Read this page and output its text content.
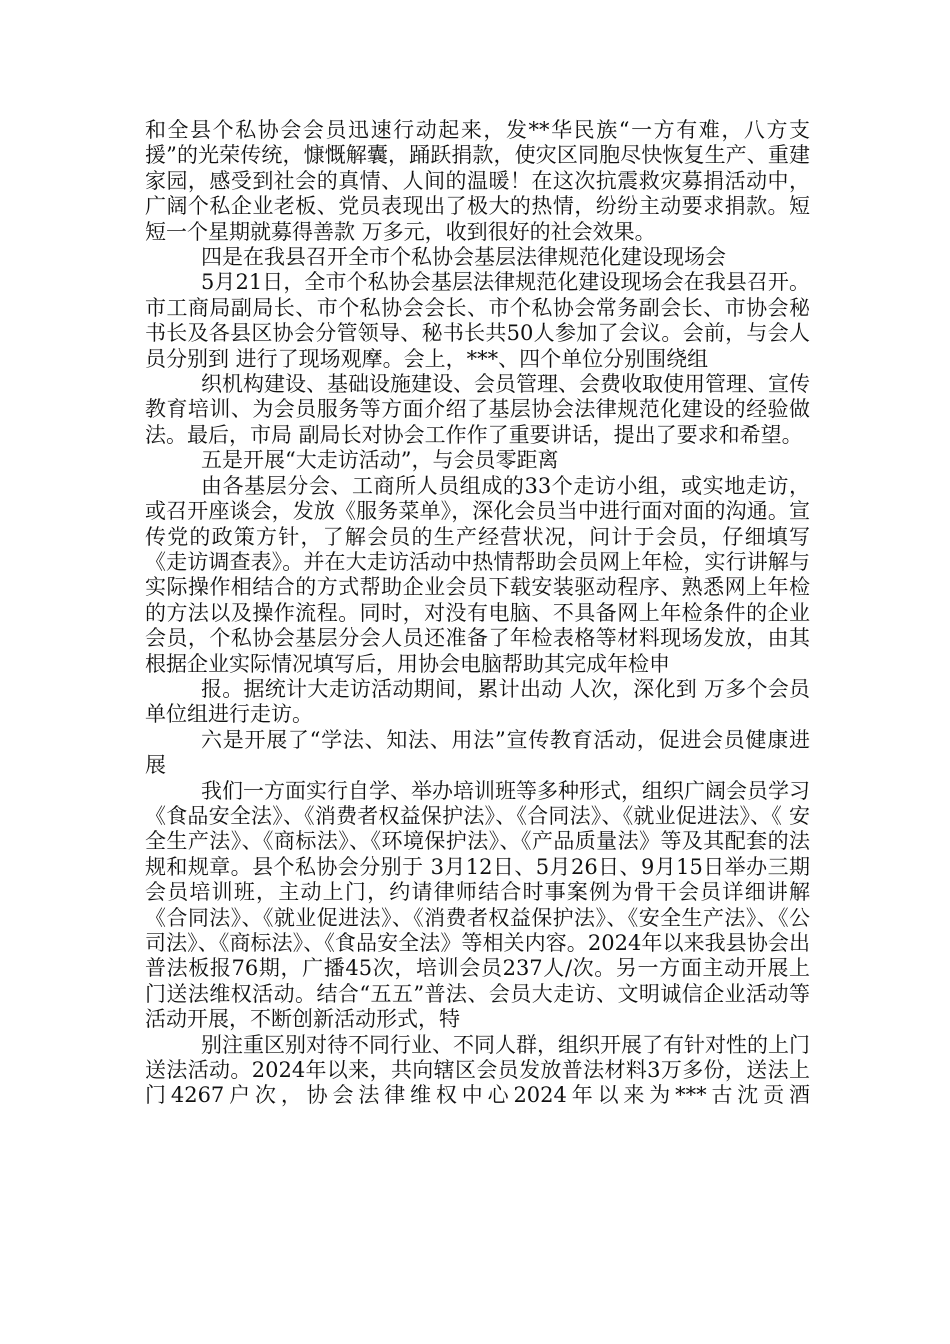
和全县个私协会会员迅速行动起来，发**华民族“一方有难，八方支援”的光荣传统，慷慨解囊，踊跃捐款，使灾区同胞尽快恢复生产、重建家园，感受到社会的真情、人间的温暖！在这次抗震救灾募捐活动中，广阔个私企业老板、党员表现出了极大的热情，纷纷主动要求捐款。短短一个星期就募得善款 万多元，收到很好的社会效果。

四是在我县召开全市个私协会基层法律规范化建设现场会

5月21日，全市个私协会基层法律规范化建设现场会在我县召开。市工商局副局长、市个私协会会长、市个私协会常务副会长、市协会秘书长及各县区协会分管领导、秘书长共50人参加了会议。会前，与会人员分别到 进行了现场观摩。会上，***、四个单位分别围绕组

织机构建设、基础设施建设、会员管理、会费收取使用管理、宣传教育培训、为会员服务等方面介绍了基层协会法律规范化建设的经验做法。最后，市局 副局长对协会工作作了重要讲话，提出了要求和希望。

五是开展“大走访活动”，与会员零距离

由各基层分会、工商所人员组成的33个走访小组，或实地走访，或召开座谈会，发放《服务菜单》，深化会员当中进行面对面的沟通。宣传党的政策方针，了解会员的生产经营状况，问计于会员，仔细填写《走访调查表》。并在大走访活动中热情帮助会员网上年检，实行讲解与实际操作相结合的方式帮助企业会员下载安装驱动程序、熟悉网上年检的方法以及操作流程。同时，对没有电脑、不具备网上年检条件的企业会员，个私协会基层分会人员还准备了年检表格等材料现场发放，由其根据企业实际情况填写后，用协会电脑帮助其完成年检申

报。据统计大走访活动期间，累计出动 人次，深化到 万多个会员单位组进行走访。

六是开展了“学法、知法、用法”宣传教育活动，促进会员健康进展

我们一方面实行自学、举办培训班等多种形式，组织广阔会员学习《食品安全法》、《消费者权益保护法》、《合同法》、《就业促进法》、《 安全生产法》、《商标法》、《环境保护法》、《产品质量法》等及其配套的法规和规章。县个私协会分别于 3月12日、5月26日、9月15日举办三期会员培训班，主动上门，约请律师结合时事案例为骨干会员详细讲解《合同法》、《就业促进法》、《消费者权益保护法》、《安全生产法》、《公司法》、《商标法》、《食品安全法》等相关内容。2024年以来我县协会出普法板报76期，广播45次，培训会员237人/次。另一方面主动开展上门送法维权活动。结合“五五”普法、会员大走访、文明诚信企业活动等活动开展，不断创新活动形式，特

别注重区别对待不同行业、不同人群，组织开展了有针对性的上门送法活动。2024年以来，共向辖区会员发放普法材料3万多份，送法上门4267户次，协会法律维权中心2024年以来为***古沈贡酒
